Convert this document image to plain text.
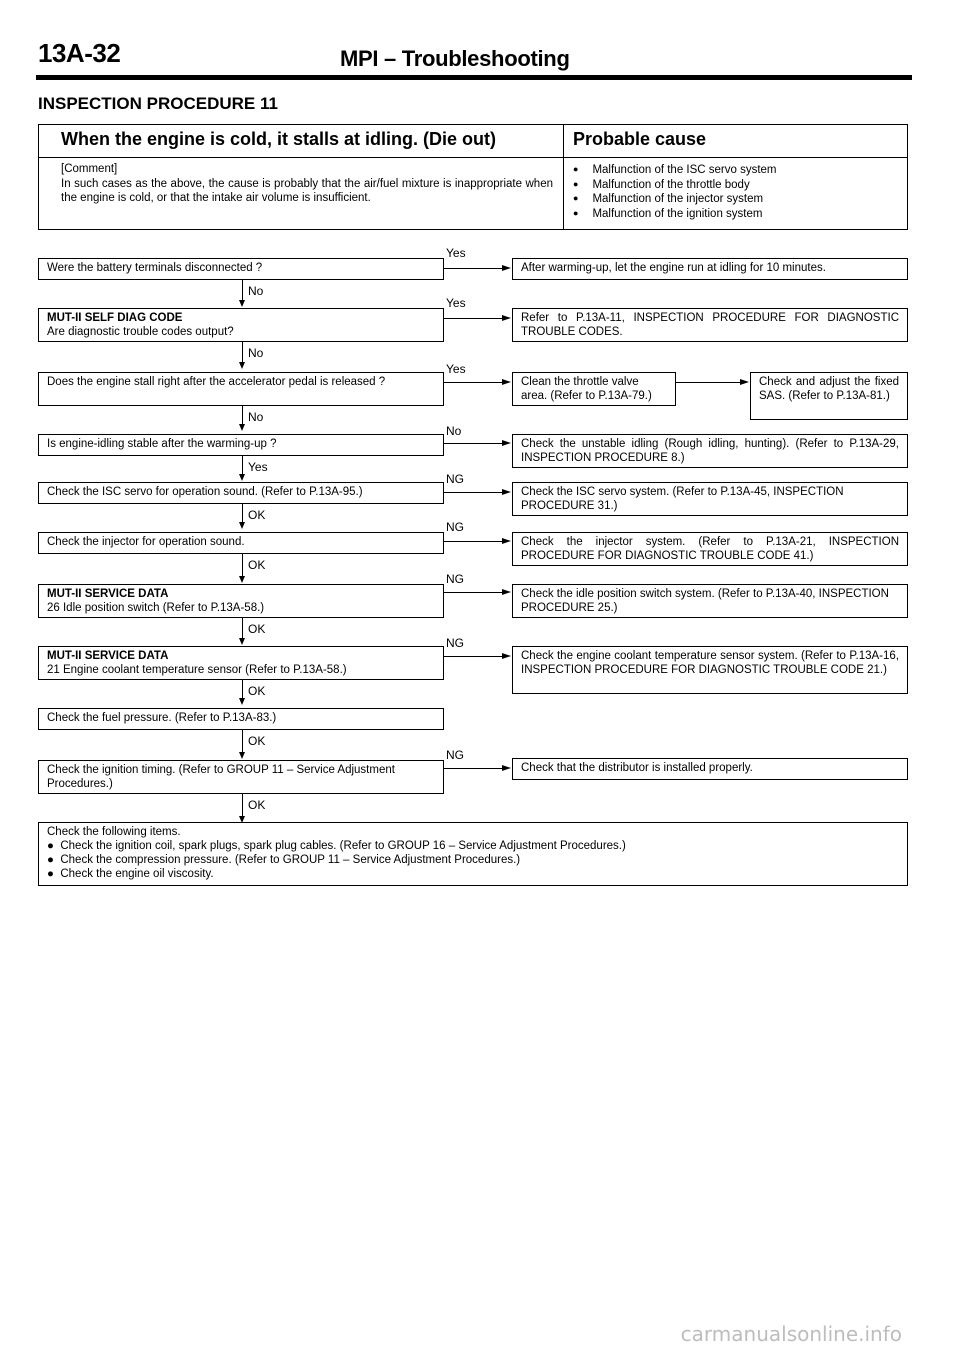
13A-32	MPI – Troubleshooting
INSPECTION PROCEDURE 11
When the engine is cold, it stalls at idling. (Die out)	Probable cause
[Comment]
In such cases as the above, the cause is probably that the air/fuel mixture is inappropriate when the engine is cold, or that the intake air volume is insufficient.
● Malfunction of the ISC servo system
● Malfunction of the throttle body
● Malfunction of the injector system
● Malfunction of the ignition system
Were the battery terminals disconnected ?
Yes
After warming-up, let the engine run at idling for 10 minutes.
No
MUT-II SELF DIAG CODE
Are diagnostic trouble codes output?
Yes
Refer to P.13A-11, INSPECTION PROCEDURE FOR DIAGNOSTIC TROUBLE CODES.
No
Does the engine stall right after the accelerator pedal is released ?
Yes
Clean the throttle valve area. (Refer to P.13A-79.)
Check and adjust the fixed SAS. (Refer to P.13A-81.)
No
Is engine-idling stable after the warming-up ?
No
Check the unstable idling (Rough idling, hunting). (Refer to P.13A-29, INSPECTION PROCEDURE 8.)
Yes
Check the ISC servo for operation sound. (Refer to P.13A-95.)
NG
Check the ISC servo system. (Refer to P.13A-45, INSPECTION PROCEDURE 31.)
OK
Check the injector for operation sound.
NG
Check the injector system. (Refer to P.13A-21, INSPECTION PROCEDURE FOR DIAGNOSTIC TROUBLE CODE 41.)
OK
MUT-II SERVICE DATA
26 Idle position switch (Refer to P.13A-58.)
NG
Check the idle position switch system. (Refer to P.13A-40, INSPECTION PROCEDURE 25.)
OK
MUT-II SERVICE DATA
21 Engine coolant temperature sensor (Refer to P.13A-58.)
NG
Check the engine coolant temperature sensor system. (Refer to P.13A-16, INSPECTION PROCEDURE FOR DIAGNOSTIC TROUBLE CODE 21.)
OK
Check the fuel pressure. (Refer to P.13A-83.)
OK
Check the ignition timing. (Refer to GROUP 11 – Service Adjustment Procedures.)
NG
Check that the distributor is installed properly.
OK
Check the following items.
●  Check the ignition coil, spark plugs, spark plug cables. (Refer to GROUP 16 – Service Adjustment Procedures.)
●  Check the compression pressure. (Refer to GROUP 11 – Service Adjustment Procedures.)
●  Check the engine oil viscosity.
carmanualsonline.info
